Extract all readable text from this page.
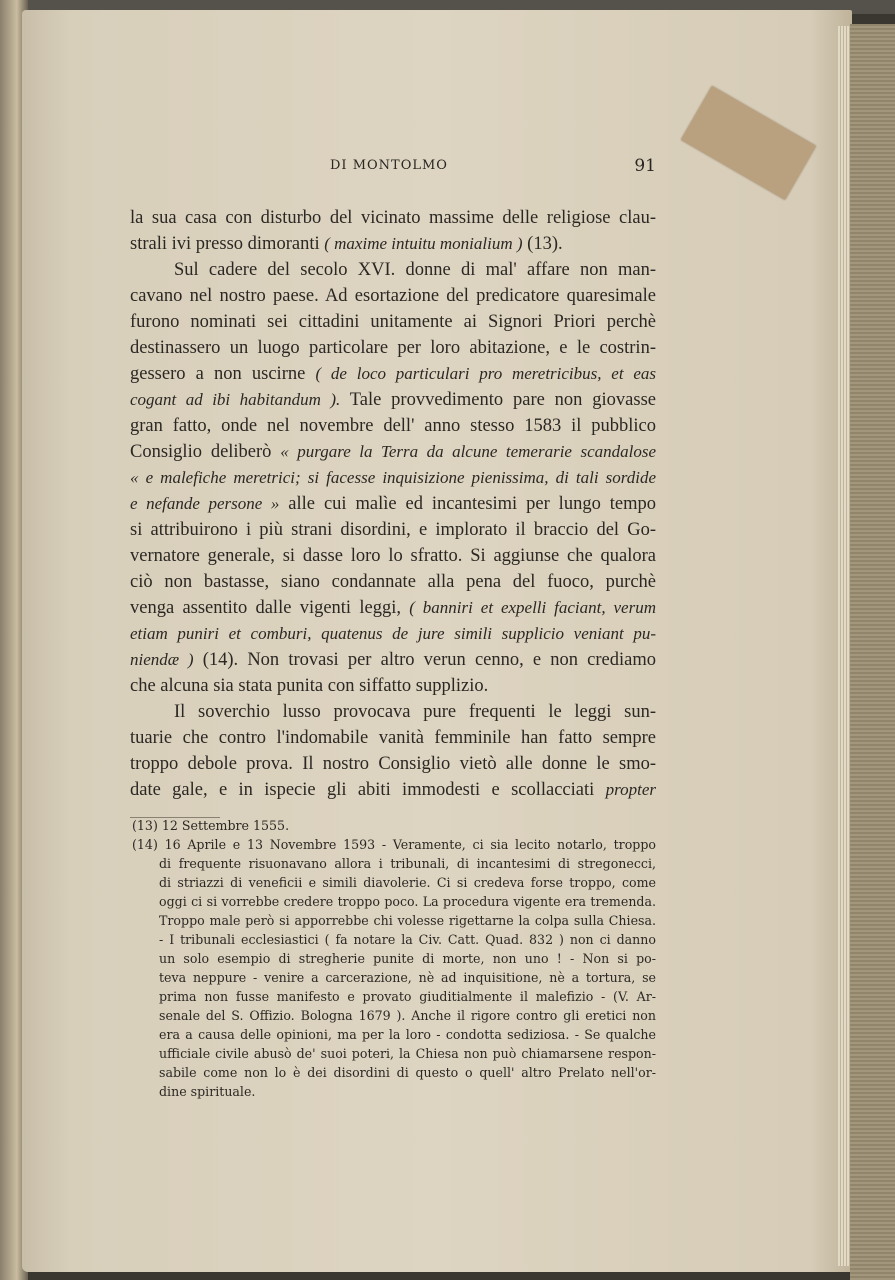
DI MONTOLMO	91
la sua casa con disturbo del vicinato massime delle religiose clau-
strali ivi presso dimoranti ( maxime intuitu monialium ) (13).
Sul cadere del secolo XVI. donne di mal' affare non man-
cavano nel nostro paese. Ad esortazione del predicatore quaresimale
furono nominati sei cittadini unitamente ai Signori Priori perchè
destinassero un luogo particolare per loro abitazione, e le costrin-
gessero a non uscirne ( de loco particulari pro meretricibus, et eas
cogant ad ibi habitandum ). Tale provvedimento pare non giovasse
gran fatto, onde nel novembre dell' anno stesso 1583 il pubblico
Consiglio deliberò « purgare la Terra da alcune temerarie scandalose
« e malefiche meretrici; si facesse inquisizione pienissima, di tali sordide
e nefande persone » alle cui malìe ed incantesimi per lungo tempo
si attribuirono i più strani disordini, e implorato il braccio del Go-
vernatore generale, si dasse loro lo sfratto. Si aggiunse che qualora
ciò non bastasse, siano condannate alla pena del fuoco, purchè
venga assentito dalle vigenti leggi, ( banniri et expelli faciant, verum
etiam puniri et comburi, quatenus de jure simili supplicio veniant pu-
niendæ ) (14). Non trovasi per altro verun cenno, e non crediamo
che alcuna sia stata punita con siffatto supplizio.
Il soverchio lusso provocava pure frequenti le leggi sun-
tuarie che contro l'indomabile vanità femminile han fatto sempre
troppo debole prova. Il nostro Consiglio vietò alle donne le smo-
date gale, e in ispecie gli abiti immodesti e scollacciati propter
(13) 12 Settembre 1555.
(14) 16 Aprile e 13 Novembre 1593 - Veramente, ci sia lecito notarlo, troppo
di frequente risuonavano allora i tribunali, di incantesimi di stregonecci,
di striazzi di veneficii e simili diavolerie. Ci si credeva forse troppo, come
oggi ci si vorrebbe credere troppo poco. La procedura vigente era tremenda.
Troppo male però si apporrebbe chi volesse rigettarne la colpa sulla Chiesa.
- I tribunali ecclesiastici ( fa notare la Civ. Catt. Quad. 832 ) non ci danno
un solo esempio di stregherie punite di morte, non uno ! - Non si po-
teva neppure - venire a carcerazione, nè ad inquisitione, nè a tortura, se
prima non fusse manifesto e provato giuditialmente il malefizio - (V. Ar-
senale del S. Offizio. Bologna 1679 ). Anche il rigore contro gli eretici non
era a causa delle opinioni, ma per la loro - condotta sediziosa. - Se qualche
ufficiale civile abusò de' suoi poteri, la Chiesa non può chiamarsene respon-
sabile come non lo è dei disordini di questo o quell' altro Prelato nell'or-
dine spirituale.
